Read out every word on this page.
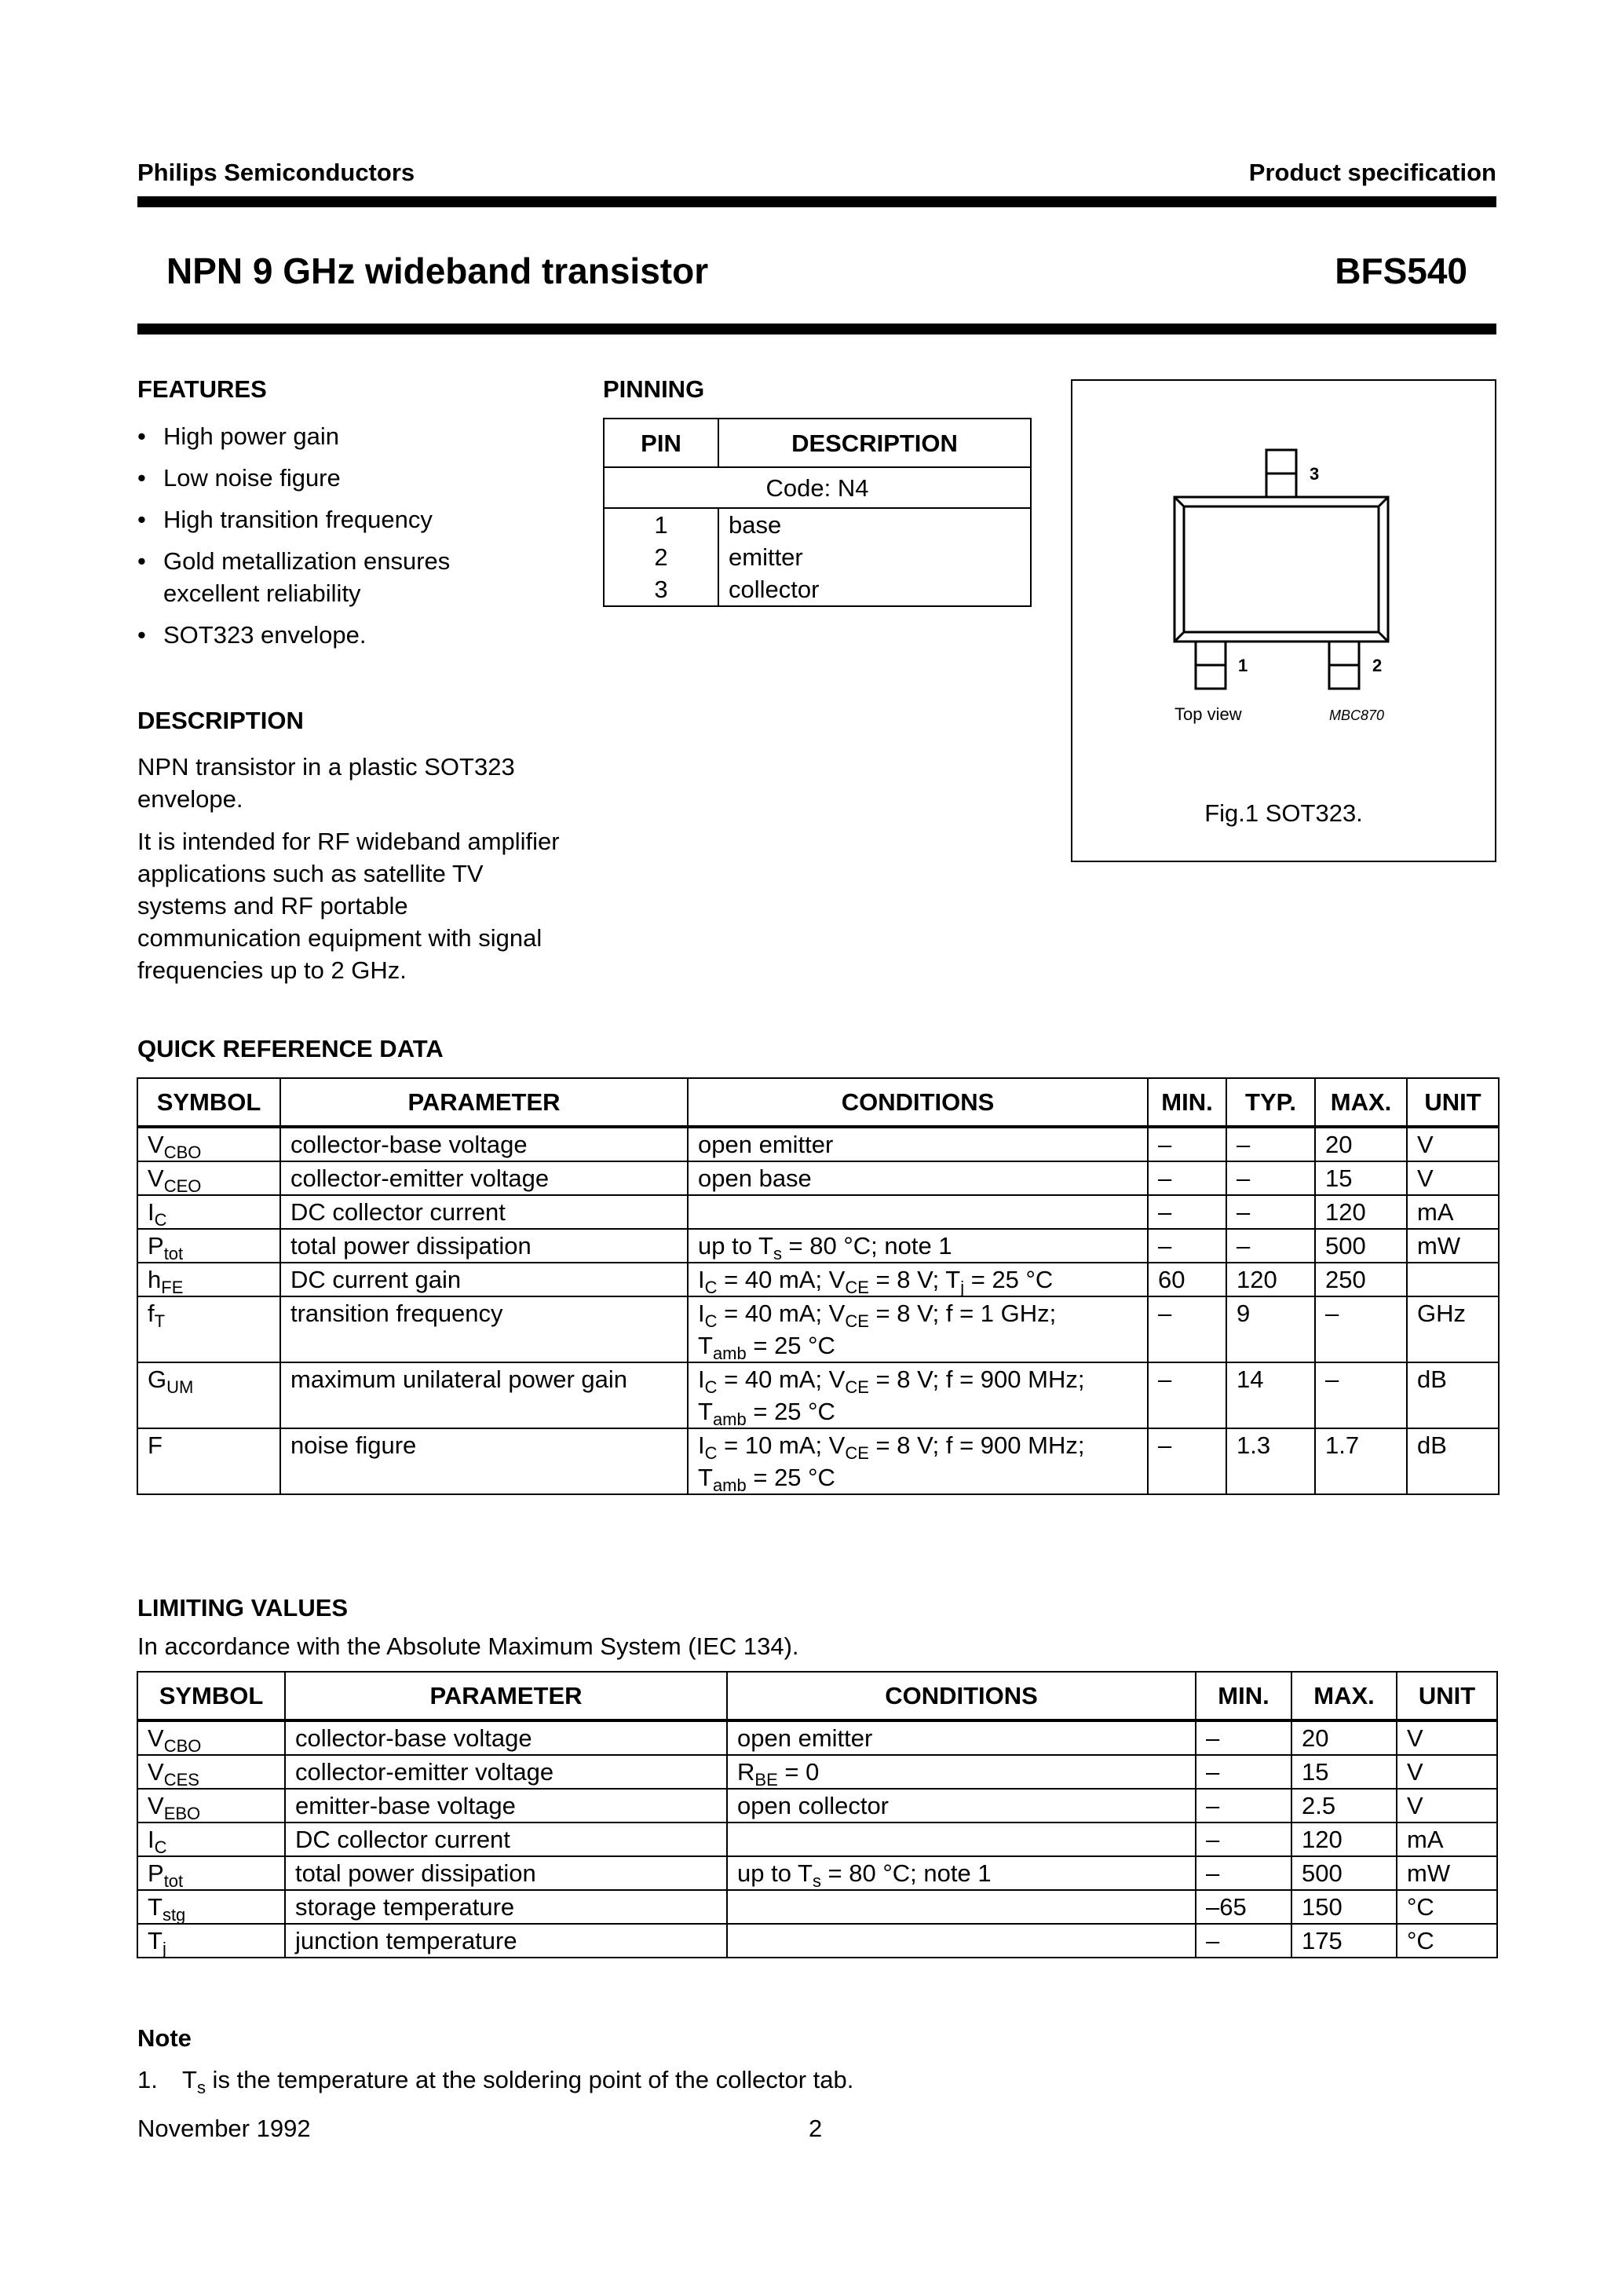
Philips Semiconductors	Product specification
NPN 9 GHz wideband transistor	BFS540
FEATURES
• High power gain
• Low noise figure
• High transition frequency
• Gold metallization ensures excellent reliability
• SOT323 envelope.
DESCRIPTION

NPN transistor in a plastic SOT323 envelope.

It is intended for RF wideband amplifier applications such as satellite TV systems and RF portable communication equipment with signal frequencies up to 2 GHz.

PINNING
PIN	DESCRIPTION
Code: N4	
1	base
2	emitter
3	collector
3
1	2
Top view	MBC870
Fig.1 SOT323.
QUICK REFERENCE DATA
SYMBOL	PARAMETER	CONDITIONS	MIN.	TYP.	MAX.	UNIT
$V_{CBO}$	collector-base voltage	open emitter	–	–	20	V
$V_{CEO}$	collector-emitter voltage	open base	–	–	15	V
$I_C$	DC collector current		–	–	120	mA
$P_{tot}$	total power dissipation	up to $T_s = 80$ °C; note 1	–	–	500	mW
$h_{FE}$	DC current gain	$I_C = 40$ mA; $V_{CE} = 8$ V; $T_j = 25$ °C	60	120	250	
$f_T$	transition frequency	$I_C = 40$ mA; $V_{CE} = 8$ V; f = 1 GHz;
$T_{amb} = 25$ °C	–	9	–	GHz
$G_{UM}$	maximum unilateral power gain	$I_C = 40$ mA; $V_{CE} = 8$ V; f = 900 MHz;
$T_{amb} = 25$ °C	–	14	–	dB
F	noise figure	$I_C = 10$ mA; $V_{CE} = 8$ V; f = 900 MHz;
$T_{amb} = 25$ °C	–	1.3	1.7	dB
LIMITING VALUES
In accordance with the Absolute Maximum System (IEC 134).
SYMBOL	PARAMETER	CONDITIONS	MIN.	MAX.	UNIT
$V_{CBO}$	collector-base voltage	open emitter	–	20	V
$V_{CES}$	collector-emitter voltage	$R_{BE} = 0$	–	15	V
$V_{EBO}$	emitter-base voltage	open collector	–	2.5	V
$I_C$	DC collector current		–	120	mA
$P_{tot}$	total power dissipation	up to $T_s = 80$ °C; note 1	–	500	mW
$T_{stg}$	storage temperature		–65	150	°C
$T_j$	junction temperature		–	175	°C
Note
1. $T_s$ is the temperature at the soldering point of the collector tab.
November 1992	2
